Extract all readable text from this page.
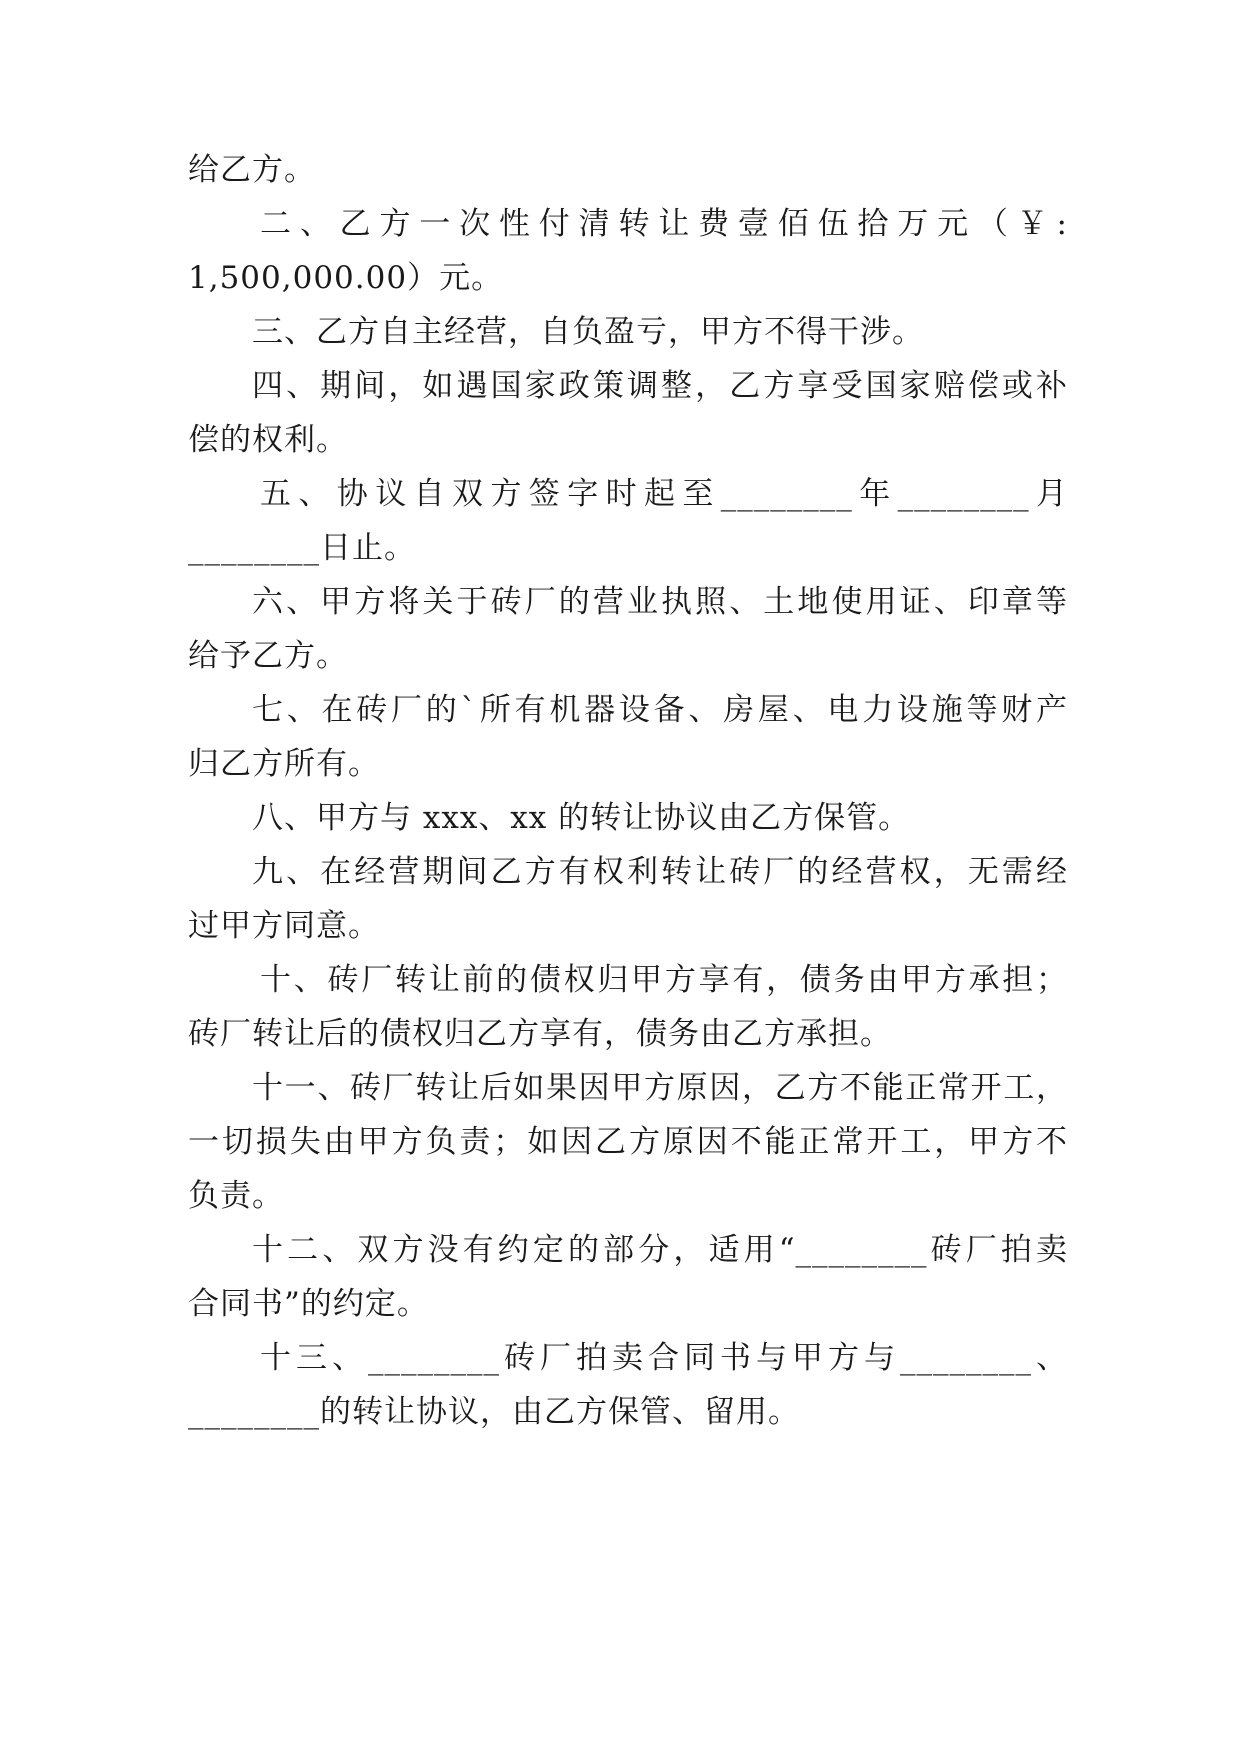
给乙方。
二、乙方一次性付清转让费壹佰伍拾万元（￥:
1,500,000.00）元。
三、乙方自主经营，自负盈亏，甲方不得干涉。
四、期间，如遇国家政策调整，乙方享受国家赔偿或补
偿的权利。
五、协议自双方签字时起至________年________月
________日止。
六、甲方将关于砖厂的营业执照、土地使用证、印章等
给予乙方。
七、在砖厂的`所有机器设备、房屋、电力设施等财产
归乙方所有。
八、甲方与 xxx、xx 的转让协议由乙方保管。
九、在经营期间乙方有权利转让砖厂的经营权，无需经
过甲方同意。
十、砖厂转让前的债权归甲方享有，债务由甲方承担；
砖厂转让后的债权归乙方享有，债务由乙方承担。
十一、砖厂转让后如果因甲方原因，乙方不能正常开工，
一切损失由甲方负责；如因乙方原因不能正常开工，甲方不
负责。
十二、双方没有约定的部分，适用“________砖厂拍卖
合同书”的约定。
十三、________砖厂拍卖合同书与甲方与________、
________的转让协议，由乙方保管、留用。
